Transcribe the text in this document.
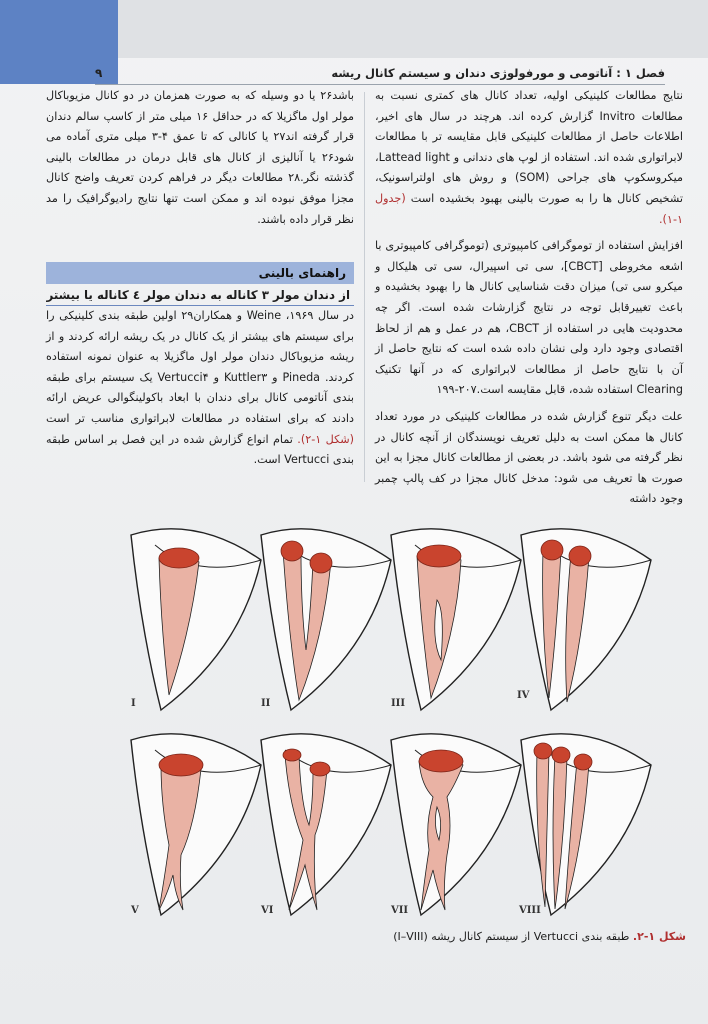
فصل ۱ : آناتومی و مورفولوژی دندان و سیستم کانال ریشه
۹

نتایج مطالعات کلینیکی اولیه، تعداد کانال های کمتری نسبت به مطالعات Invitro گزارش کرده اند. هرچند در سال های اخیر، اطلاعات حاصل از مطالعات کلینیکی قابل مقایسه تر با مطالعات لابراتواری شده اند. استفاده از لوپ های دندانی و Lattead light، میکروسکوپ های جراحی (SOM) و روش های اولتراسونیک، تشخیص کانال ها را به صورت بالینی بهبود بخشیده است (جدول ۱-۱).

افزایش استفاده از توموگرافی کامپیوتری (توموگرافی کامپیوتری با اشعه مخروطی [CBCT]، سی تی اسپیرال، سی تی هلیکال و میکرو سی تی) میزان دقت شناسایی کانال ها را بهبود بخشیده و باعث تغییرقابل توجه در نتایج گزارشات شده است. اگر چه محدودیت هایی در استفاده از CBCT، هم در عمل و هم از لحاظ اقتصادی وجود دارد ولی نشان داده شده است که نتایج حاصل از آن با نتایج حاصل از مطالعات لابراتواری که در آنها تکنیک Clearing استفاده شده، قابل مقایسه است.۲۰۷-۱۹۹

علت دیگر تنوع گزارش شده در مطالعات کلینیکی در مورد تعداد کانال ها ممکن است به دلیل تعریف نویسندگان از آنچه کانال در نظر گرفته می شود باشد. در بعضی از مطالعات کانال مجزا به این صورت ها تعریف می شود: مدخل کانال مجزا در کف پالپ چمبر وجود داشته

باشد۲۶ یا دو وسیله که به صورت همزمان در دو کانال مزیوباکال مولر اول ماگزیلا که در حداقل ۱۶ میلی متر از کاسپ سالم دندان قرار گرفته اند۲۷ یا کانالی که تا عمق ۴-۳ میلی متری آماده می شود۲۶ یا آنالیزی از کانال های قابل درمان در مطالعات بالینی گذشته نگر.۲۸ مطالعات دیگر در فراهم کردن تعریف واضح کانال مجزا موفق نبوده اند و ممکن است تنها نتایج رادیوگرافیک را مد نظر قرار داده باشند.

راهنمای بالینی
از دندان مولر ۳ کاناله به دندان مولر ٤ کاناله یا بیشتر

در سال ۱۹۶۹، Weine و همکاران۲۹ اولین طبقه بندی کلینیکی را برای سیستم های بیشتر از یک کانال در یک ریشه ارائه کردند و از ریشه مزیوباکال دندان مولر اول ماگزیلا به عنوان نمونه استفاده کردند. Pineda و Kuttler۳ و Vertucci۴ یک سیستم برای طبقه بندی آناتومی کانال برای دندان با ابعاد باکولینگوالی عریض ارائه دادند که برای استفاده در مطالعات لابراتواری مناسب تر است (شکل ۱-۲). تمام انواع گزارش شده در این فصل بر اساس طبقه بندی Vertucci است.

I	II	III
IV
V	VI	VII	VIII
شکل ۱-۲. طبقه بندی Vertucci از سیستم کانال ریشه (I–VIII)
